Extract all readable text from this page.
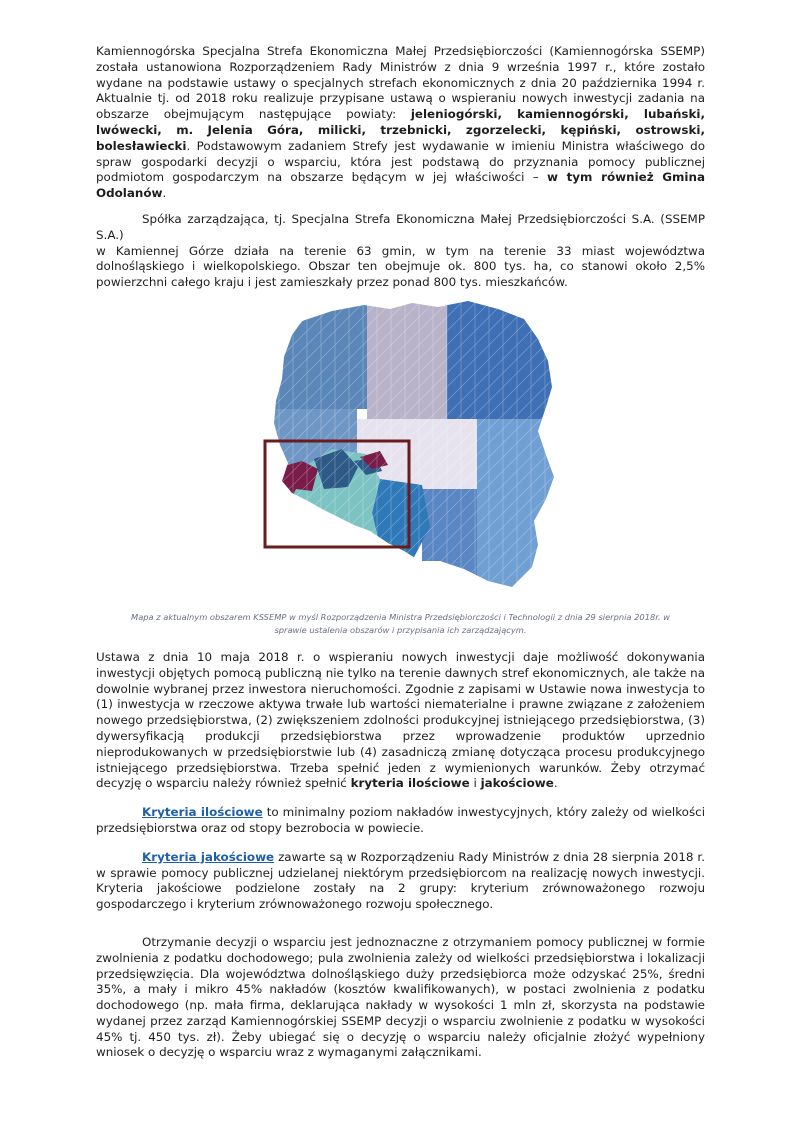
Kamiennogórska Specjalna Strefa Ekonomiczna Małej Przedsiębiorczości (Kamiennogórska SSEMP) została ustanowiona Rozporządzeniem Rady Ministrów z dnia 9 września 1997 r., które zostało wydane na podstawie ustawy o specjalnych strefach ekonomicznych z dnia 20 października 1994 r. Aktualnie tj. od 2018 roku realizuje przypisane ustawą o wspieraniu nowych inwestycji zadania na obszarze obejmującym następujące powiaty: jeleniogórski, kamiennogórski, lubański, lwówecki, m. Jelenia Góra, milicki, trzebnicki, zgorzelecki, kępiński, ostrowski, bolesławiecki. Podstawowym zadaniem Strefy jest wydawanie w imieniu Ministra właściwego do spraw gospodarki decyzji o wsparciu, która jest podstawą do przyznania pomocy publicznej podmiotom gospodarczym na obszarze będącym w jej właściwości – w tym również Gmina Odolanów.

Spółka zarządzająca, tj. Specjalna Strefa Ekonomiczna Małej Przedsiębiorczości S.A. (SSEMP S.A.)

w Kamiennej Górze działa na terenie 63 gmin, w tym na terenie 33 miast województwa dolnośląskiego i wielkopolskiego. Obszar ten obejmuje ok. 800 tys. ha, co stanowi około 2,5% powierzchni całego kraju i jest zamieszkały przez ponad 800 tys. mieszkańców.

Mapa z aktualnym obszarem KSSEMP w myśl Rozporządzenia Ministra Przedsiębiorczości i Technologii z dnia 29 sierpnia 2018r. w sprawie ustalenia obszarów i przypisania ich zarządzającym.

Ustawa z dnia 10 maja 2018 r. o wspieraniu nowych inwestycji daje możliwość dokonywania inwestycji objętych pomocą publiczną nie tylko na terenie dawnych stref ekonomicznych, ale także na dowolnie wybranej przez inwestora nieruchomości. Zgodnie z zapisami w Ustawie nowa inwestycja to (1) inwestycja w rzeczowe aktywa trwałe lub wartości niematerialne i prawne związane z założeniem nowego przedsiębiorstwa, (2) zwiększeniem zdolności produkcyjnej istniejącego przedsiębiorstwa, (3) dywersyfikacją produkcji przedsiębiorstwa przez wprowadzenie produktów uprzednio nieprodukowanych w przedsiębiorstwie lub (4) zasadniczą zmianę dotycząca procesu produkcyjnego istniejącego przedsiębiorstwa. Trzeba spełnić jeden z wymienionych warunków. Żeby otrzymać decyzję o wsparciu należy również spełnić kryteria ilościowe i jakościowe.

Kryteria ilościowe to minimalny poziom nakładów inwestycyjnych, który zależy od wielkości przedsiębiorstwa oraz od stopy bezrobocia w powiecie.

Kryteria jakościowe zawarte są w Rozporządzeniu Rady Ministrów z dnia 28 sierpnia 2018 r. w sprawie pomocy publicznej udzielanej niektórym przedsiębiorcom na realizację nowych inwestycji. Kryteria jakościowe podzielone zostały na 2 grupy: kryterium zrównoważonego rozwoju gospodarczego i kryterium zrównoważonego rozwoju społecznego.

Otrzymanie decyzji o wsparciu jest jednoznaczne z otrzymaniem pomocy publicznej w formie zwolnienia z podatku dochodowego; pula zwolnienia zależy od wielkości przedsiębiorstwa i lokalizacji przedsięwzięcia. Dla województwa dolnośląskiego duży przedsiębiorca może odzyskać 25%, średni 35%, a mały i mikro 45% nakładów (kosztów kwalifikowanych), w postaci zwolnienia z podatku dochodowego (np. mała firma, deklarująca nakłady w wysokości 1 mln zł, skorzysta na podstawie wydanej przez zarząd Kamiennogórskiej SSEMP decyzji o wsparciu zwolnienie z podatku w wysokości 45% tj. 450 tys. zł). Żeby ubiegać się o decyzję o wsparciu należy oficjalnie złożyć wypełniony wniosek o decyzję o wsparciu wraz z wymaganymi załącznikami.
